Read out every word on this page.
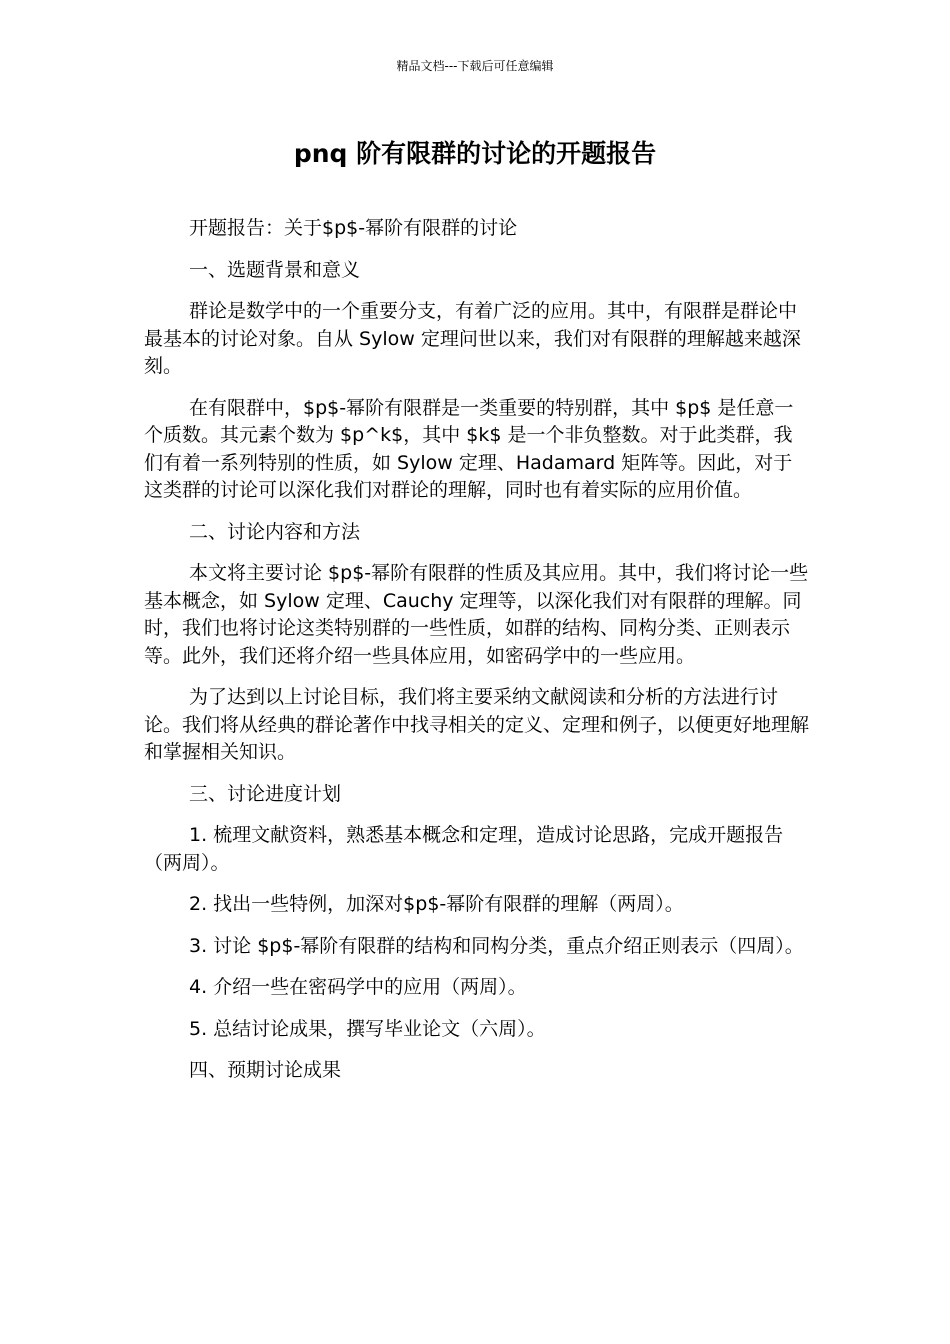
精品文档---下载后可任意编辑
pnq 阶有限群的讨论的开题报告

开题报告：关于$p$-幂阶有限群的讨论

一、选题背景和意义

群论是数学中的一个重要分支，有着广泛的应用。其中，有限群是群论中最基本的讨论对象。自从 Sylow 定理问世以来，我们对有限群的理解越来越深刻。

在有限群中，$p$-幂阶有限群是一类重要的特别群，其中 $p$ 是任意一个质数。其元素个数为 $p^k$，其中 $k$ 是一个非负整数。对于此类群，我们有着一系列特别的性质，如 Sylow 定理、Hadamard 矩阵等。因此，对于这类群的讨论可以深化我们对群论的理解，同时也有着实际的应用价值。

二、讨论内容和方法

本文将主要讨论 $p$-幂阶有限群的性质及其应用。其中，我们将讨论一些基本概念，如 Sylow 定理、Cauchy 定理等，以深化我们对有限群的理解。同时，我们也将讨论这类特别群的一些性质，如群的结构、同构分类、正则表示等。此外，我们还将介绍一些具体应用，如密码学中的一些应用。

为了达到以上讨论目标，我们将主要采纳文献阅读和分析的方法进行讨论。我们将从经典的群论著作中找寻相关的定义、定理和例子，以便更好地理解和掌握相关知识。

三、讨论进度计划

1. 梳理文献资料，熟悉基本概念和定理，造成讨论思路，完成开题报告（两周）。

2. 找出一些特例，加深对$p$-幂阶有限群的理解（两周）。

3. 讨论 $p$-幂阶有限群的结构和同构分类，重点介绍正则表示（四周）。

4. 介绍一些在密码学中的应用（两周）。

5. 总结讨论成果，撰写毕业论文（六周）。

四、预期讨论成果
